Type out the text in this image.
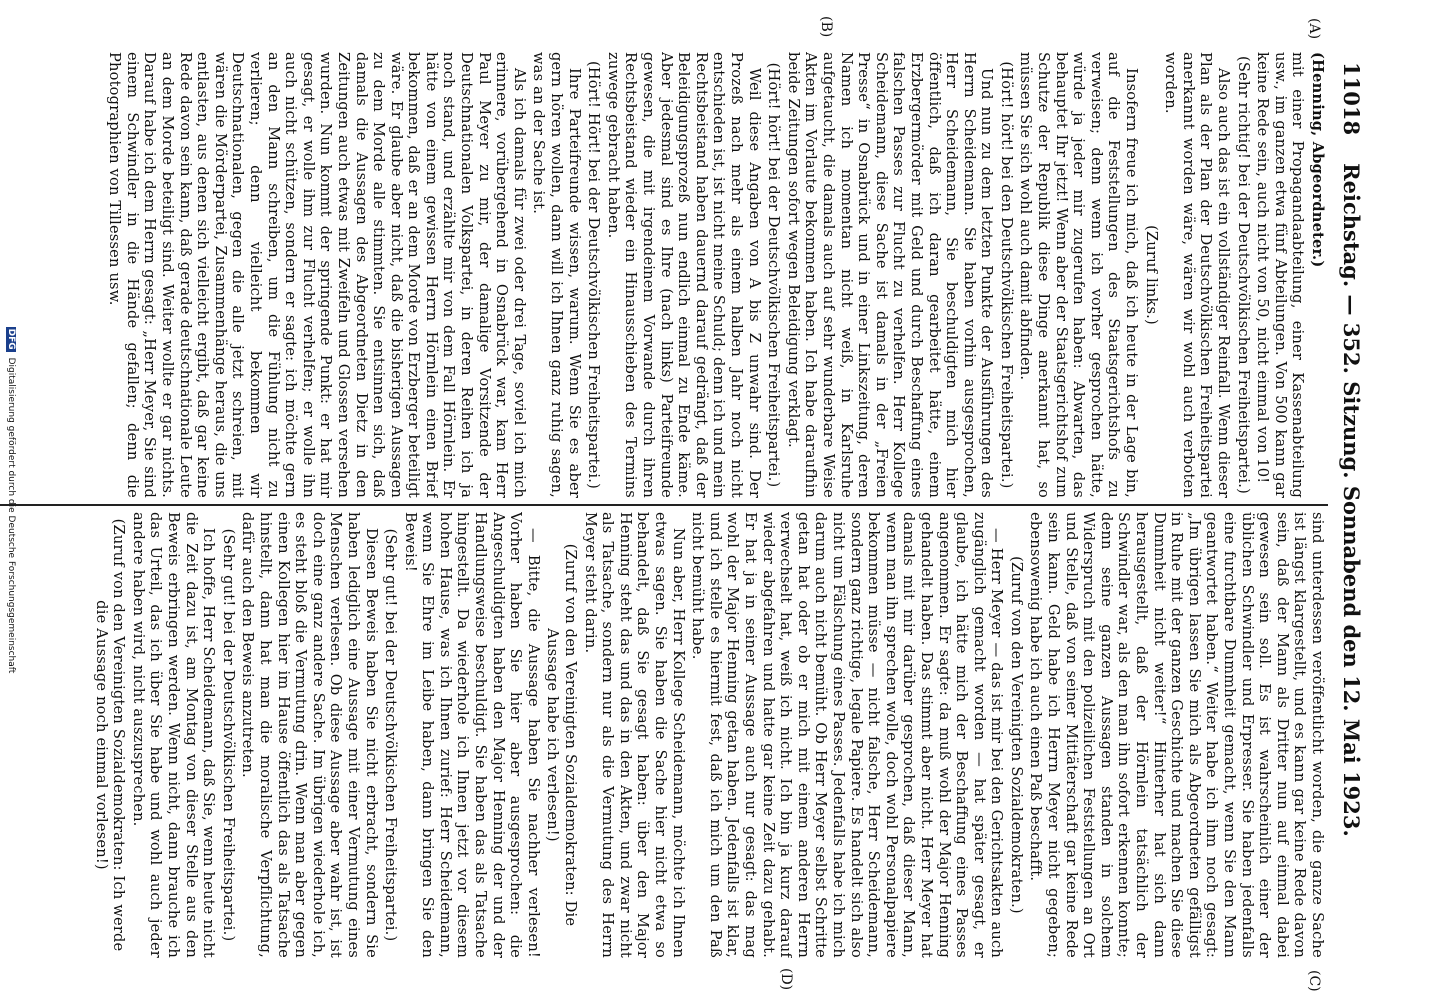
11018
Reichstag. — 352. Sitzung. Sonnabend den 12. Mai 1923.
(A)
(B)
(C)
(D)

(Henning, Abgeordneter.)

mit einer Propagandaabteilung, einer Kassenabteilung usw., im ganzen etwa fünf Abteilungen. Von 500 kann gar keine Rede sein, auch nicht von 50, nicht einmal von 10!

(Sehr richtig! bei der Deutschvölkischen Freiheitspartei.)

Also auch das ist ein vollständiger Reinfall. Wenn dieser Plan als der Plan der Deutschvölkischen Freiheitspartei anerkannt worden wäre, wären wir wohl auch verboten worden.

(Zuruf links.)

Insofern freue ich mich, daß ich heute in der Lage bin, auf die Feststellungen des Staatsgerichtshofs zu verweisen; denn wenn ich vorher gesprochen hätte, würde ja jeder mir zugerufen haben: Abwarten, das behauptet Ihr jetzt! Wenn aber der Staatsgerichtshof zum Schutze der Republik diese Dinge anerkannt hat, so müssen Sie sich wohl auch damit abfinden.

(Hört! hört! bei den Deutschvölkischen Freiheitspartei.)

Und nun zu dem letzten Punkte der Ausführungen des Herrn Scheidemann. Sie haben vorhin ausgesprochen, Herr Scheidemann, Sie beschuldigten mich hier öffentlich, daß ich daran gearbeitet hätte, einem Erzbergermörder mit Geld und durch Beschaffung eines falschen Passes zur Flucht zu verhelfen. Herr Kollege Scheidemann, diese Sache ist damals in der „Freien Presse“ in Osnabrück und in einer Linkszeitung, deren Namen ich momentan nicht weiß, in Karlsruhe aufgetaucht, die damals auch auf sehr wunderbare Weise Akten im Vorlaute bekommen haben. Ich habe daraufhin beide Zeitungen sofort wegen Beleidigung verklagt.

(Hört! hört! bei der Deutschvölkischen Freiheitspartei.)

Weil diese Angaben von A bis Z unwahr sind. Der Prozeß nach mehr als einem halben Jahr noch nicht entschieden ist, ist nicht meine Schuld; denn ich und mein Rechtsbeistand haben dauernd darauf gedrängt, daß der Beleidigungsprozeß nun endlich einmal zu Ende käme. Aber jedesmal sind es Ihre (nach links) Parteifreunde gewesen, die mit irgendeinem Vorwande durch ihren Rechtsbeistand wieder ein Hinausschieben des Termins zuwege gebracht haben.

(Hört! Hört! bei der Deutschvölkischen Freiheitspartei.)

Ihre Parteifreunde wissen, warum. Wenn Sie es aber gern hören wollen, dann will ich Ihnen ganz ruhig sagen, was an der Sache ist.

Als ich damals für zwei oder drei Tage, soviel ich mich erinnere, vorübergehend in Osnabrück war, kam Herr Paul Meyer zu mir, der damalige Vorsitzende der Deutschnationalen Volkspartei, in deren Reihen ich ja noch stand, und erzählte mir von dem Fall Hörnlein. Er hätte von einem gewissen Herrn Hörnlein einen Brief bekommen, daß er an dem Morde von Erzberger beteiligt wäre. Er glaube aber nicht, daß die bisherigen Aussagen zu dem Morde alle stimmten. Sie entsinnen sich, daß damals die Aussagen des Abgeordneten Dietz in den Zeitungen auch etwas mit Zweifeln und Glossen versehen wurden. Nun kommt der springende Punkt: er hat mir gesagt, er wolle ihm zur Flucht verhelfen; er wolle ihn auch nicht schützen, sondern er sagte: ich möchte gern an den Mann schreiben, um die Fühlung nicht zu verlieren; denn vielleicht bekommen wir Deutschnationalen, gegen die alle jetzt schreien, mit wären die Mörderpartei, Zusammenhänge heraus, die uns entlasten, aus denen sich vielleicht ergibt, daß gar keine Rede davon sein kann, daß gerade deutschnationale Leute an dem Morde beteiligt sind. Weiter wollte er gar nichts. Darauf habe ich dem Herrn gesagt: „Herr Meyer, Sie sind einem Schwindler in die Hände gefallen; denn die Photographien von Tillessen usw.

sind unterdessen veröffentlicht worden, die ganze Sache ist längst klargestellt, und es kann gar keine Rede davon sein, daß der Mann als Dritter nun auf einmal dabei gewesen sein soll. Es ist wahrscheinlich einer der üblichen Schwindler und Erpresser. Sie haben jedenfalls eine furchtbare Dummheit gemacht, wenn Sie den Mann geantwortet haben.“ Weiter habe ich ihm noch gesagt: „Im übrigen lassen Sie mich als Abgeordneten gefälligst in Ruhe mit der ganzen Geschichte und machen Sie diese Dummheit nicht weiter!“ Hinterher hat sich dann herausgestellt, daß der Hörnlein tatsächlich der Schwindler war, als den man ihn sofort erkennen konnte; denn seine ganzen Aussagen standen in solchem Widerspruch mit den polizeilichen Feststellungen an Ort und Stelle, daß von seiner Mittäterschaft gar keine Rede sein kann. Geld habe ich Herrn Meyer nicht gegeben; ebensowenig habe ich auch einen Paß beschafft.

(Zuruf von den Vereinigten Sozialdemokraten.)

— Herr Meyer — das ist mir bei den Gerichtsakten auch zugänglich gemacht worden — hat später gesagt, er glaube, ich hätte mich der Beschaffung eines Passes angenommen. Er sagte: da muß wohl der Major Henning gehandelt haben. Das stimmt aber nicht. Herr Meyer hat damals mit mir darüber gesprochen, daß dieser Mann, wenn man ihn sprechen wolle, doch wohl Personalpapiere bekommen müsse — nicht falsche, Herr Scheidemann, sondern ganz richtige, legale Papiere. Es handelt sich also nicht um Fälschung eines Passes. Jedenfalls habe ich mich darum auch nicht bemüht. Ob Herr Meyer selbst Schritte getan hat oder ob er mich mit einem anderen Herrn verwechselt hat, weiß ich nicht. Ich bin ja kurz darauf wieder abgefahren und hatte gar keine Zeit dazu gehabt. Er hat ja in seiner Aussage auch nur gesagt: das mag wohl der Major Henning getan haben. Jedenfalls ist klar, und ich stelle es hiermit fest, daß ich mich um den Paß nicht bemüht habe.

Nun aber, Herr Kollege Scheidemann, möchte ich Ihnen etwas sagen. Sie haben die Sache hier nicht etwa so behandelt, daß Sie gesagt haben: über den Major Henning steht das und das in den Akten, und zwar nicht als Tatsache, sondern nur als die Vermutung des Herrn Meyer steht darin.

(Zuruf von den Vereinigten Sozialdemokraten: Die Aussage habe ich verlesen!)

— Bitte, die Aussage haben Sie nachher verlesen! Vorher haben Sie hier aber ausgesprochen: die Angeschuldigten haben den Major Henning der und der Handlungsweise beschuldigt. Sie haben das als Tatsache hingestellt. Da wiederhole ich Ihnen jetzt vor diesem hohen Hause, was ich Ihnen zurief: Herr Scheidemann, wenn Sie Ehre im Leibe haben, dann bringen Sie den Beweis!

(Sehr gut! bei der Deutschvölkischen Freiheitspartei.)

Diesen Beweis haben Sie nicht erbracht, sondern Sie haben lediglich eine Aussage mit einer Vermutung eines Menschen verlesen. Ob diese Aussage aber wahr ist, ist doch eine ganz andere Sache. Im übrigen wiederhole ich, es steht bloß die Vermutung drin. Wenn man aber gegen einen Kollegen hier im Hause öffentlich das als Tatsache hinstellt, dann hat man die moralische Verpflichtung, dafür auch den Beweis anzutreten.

(Sehr gut! bei der Deutschvölkischen Freiheitspartei.)

Ich hoffe, Herr Scheidemann, daß Sie, wenn heute nicht die Zeit dazu ist, am Montag von dieser Stelle aus den Beweis erbringen werden. Wenn nicht, dann brauche ich das Urteil, das ich über Sie habe und wohl auch jeder andere haben wird, nicht auszusprechen.

(Zuruf von den Vereinigten Sozialdemokraten: Ich werde die Aussage noch einmal vorlesen!)

DFG Digitalisierung gefördert durch die Deutsche Forschungsgemeinschaft
